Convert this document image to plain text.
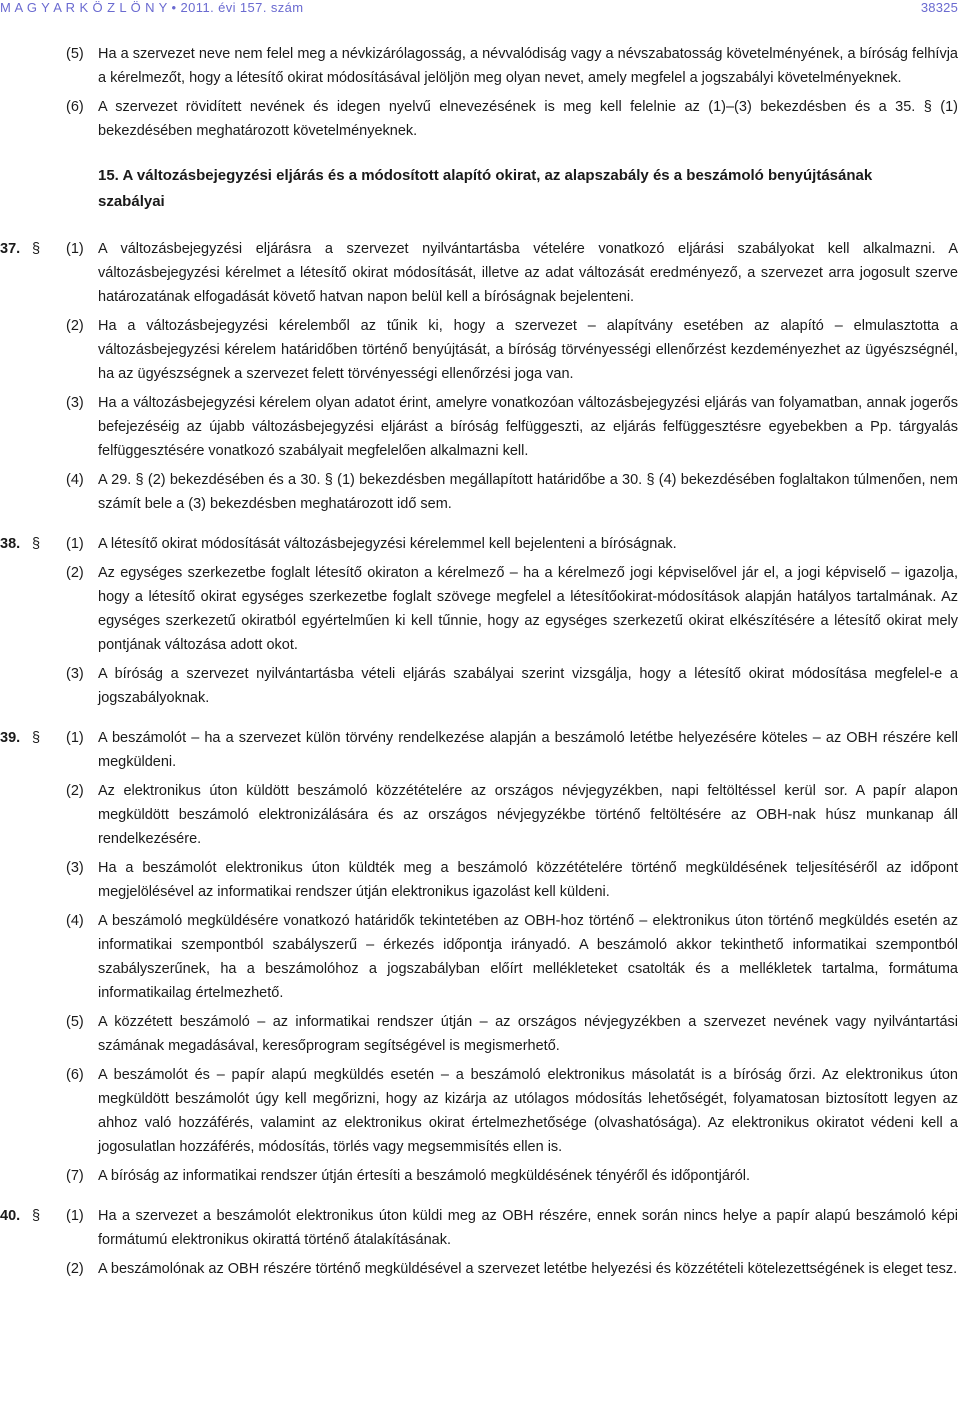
M A G Y A R K Ö Z L Ö N Y • 2011. évi 157. szám	38325
(5) Ha a szervezet neve nem felel meg a névkizárólagosság, a névvalódiság vagy a névszabatosság követelményének, a bíróság felhívja a kérelmezőt, hogy a létesítő okirat módosításával jelöljön meg olyan nevet, amely megfelel a jogszabályi követelményeknek.
(6) A szervezet rövidített nevének és idegen nyelvű elnevezésének is meg kell felelnie az (1)–(3) bekezdésben és a 35. § (1) bekezdésében meghatározott követelményeknek.
15. A változásbejegyzési eljárás és a módosított alapító okirat, az alapszabály és a beszámoló benyújtásának szabályai
37. § (1) A változásbejegyzési eljárásra a szervezet nyilvántartásba vételére vonatkozó eljárási szabályokat kell alkalmazni. A változásbejegyzési kérelmet a létesítő okirat módosítását, illetve az adat változását eredményező, a szervezet arra jogosult szerve határozatának elfogadását követő hatvan napon belül kell a bíróságnak bejelenteni.
(2) Ha a változásbejegyzési kérelemből az tűnik ki, hogy a szervezet – alapítvány esetében az alapító – elmulasztotta a változásbejegyzési kérelem határidőben történő benyújtását, a bíróság törvényességi ellenőrzést kezdeményezhet az ügyészségnél, ha az ügyészségnek a szervezet felett törvényességi ellenőrzési joga van.
(3) Ha a változásbejegyzési kérelem olyan adatot érint, amelyre vonatkozóan változásbejegyzési eljárás van folyamatban, annak jogerős befejezéséig az újabb változásbejegyzési eljárást a bíróság felfüggeszti, az eljárás felfüggesztésre egyebekben a Pp. tárgyalás felfüggesztésére vonatkozó szabályait megfelelően alkalmazni kell.
(4) A 29. § (2) bekezdésében és a 30. § (1) bekezdésben megállapított határidőbe a 30. § (4) bekezdésében foglaltakon túlmenően, nem számít bele a (3) bekezdésben meghatározott idő sem.
38. § (1) A létesítő okirat módosítását változásbejegyzési kérelemmel kell bejelenteni a bíróságnak.
(2) Az egységes szerkezetbe foglalt létesítő okiraton a kérelmező – ha a kérelmező jogi képviselővel jár el, a jogi képviselő – igazolja, hogy a létesítő okirat egységes szerkezetbe foglalt szövege megfelel a létesítőokirat-módosítások alapján hatályos tartalmának. Az egységes szerkezetű okiratból egyértelműen ki kell tűnnie, hogy az egységes szerkezetű okirat elkészítésére a létesítő okirat mely pontjának változása adott okot.
(3) A bíróság a szervezet nyilvántartásba vételi eljárás szabályai szerint vizsgálja, hogy a létesítő okirat módosítása megfelel-e a jogszabályoknak.
39. § (1) A beszámolót – ha a szervezet külön törvény rendelkezése alapján a beszámoló letétbe helyezésére köteles – az OBH részére kell megküldeni.
(2) Az elektronikus úton küldött beszámoló közzétételére az országos névjegyzékben, napi feltöltéssel kerül sor. A papír alapon megküldött beszámoló elektronizálására és az országos névjegyzékbe történő feltöltésére az OBH-nak húsz munkanap áll rendelkezésére.
(3) Ha a beszámolót elektronikus úton küldték meg a beszámoló közzétételére történő megküldésének teljesítéséről az időpont megjelölésével az informatikai rendszer útján elektronikus igazolást kell küldeni.
(4) A beszámoló megküldésére vonatkozó határidők tekintetében az OBH-hoz történő – elektronikus úton történő megküldés esetén az informatikai szempontból szabályszerű – érkezés időpontja irányadó. A beszámoló akkor tekinthető informatikai szempontból szabályszerűnek, ha a beszámolóhoz a jogszabályban előírt mellékleteket csatolták és a mellékletek tartalma, formátuma informatikailag értelmezhető.
(5) A közzétett beszámoló – az informatikai rendszer útján – az országos névjegyzékben a szervezet nevének vagy nyilvántartási számának megadásával, keresőprogram segítségével is megismerhető.
(6) A beszámolót és – papír alapú megküldés esetén – a beszámoló elektronikus másolatát is a bíróság őrzi. Az elektronikus úton megküldött beszámolót úgy kell megőrizni, hogy az kizárja az utólagos módosítás lehetőségét, folyamatosan biztosított legyen az ahhoz való hozzáférés, valamint az elektronikus okirat értelmezhetősége (olvashatósága). Az elektronikus okiratot védeni kell a jogosulatlan hozzáférés, módosítás, törlés vagy megsemmisítés ellen is.
(7) A bíróság az informatikai rendszer útján értesíti a beszámoló megküldésének tényéről és időpontjáról.
40. § (1) Ha a szervezet a beszámolót elektronikus úton küldi meg az OBH részére, ennek során nincs helye a papír alapú beszámoló képi formátumú elektronikus okirattá történő átalakításának.
(2) A beszámolónak az OBH részére történő megküldésével a szervezet letétbe helyezési és közzétételi kötelezettségének is eleget tesz.
